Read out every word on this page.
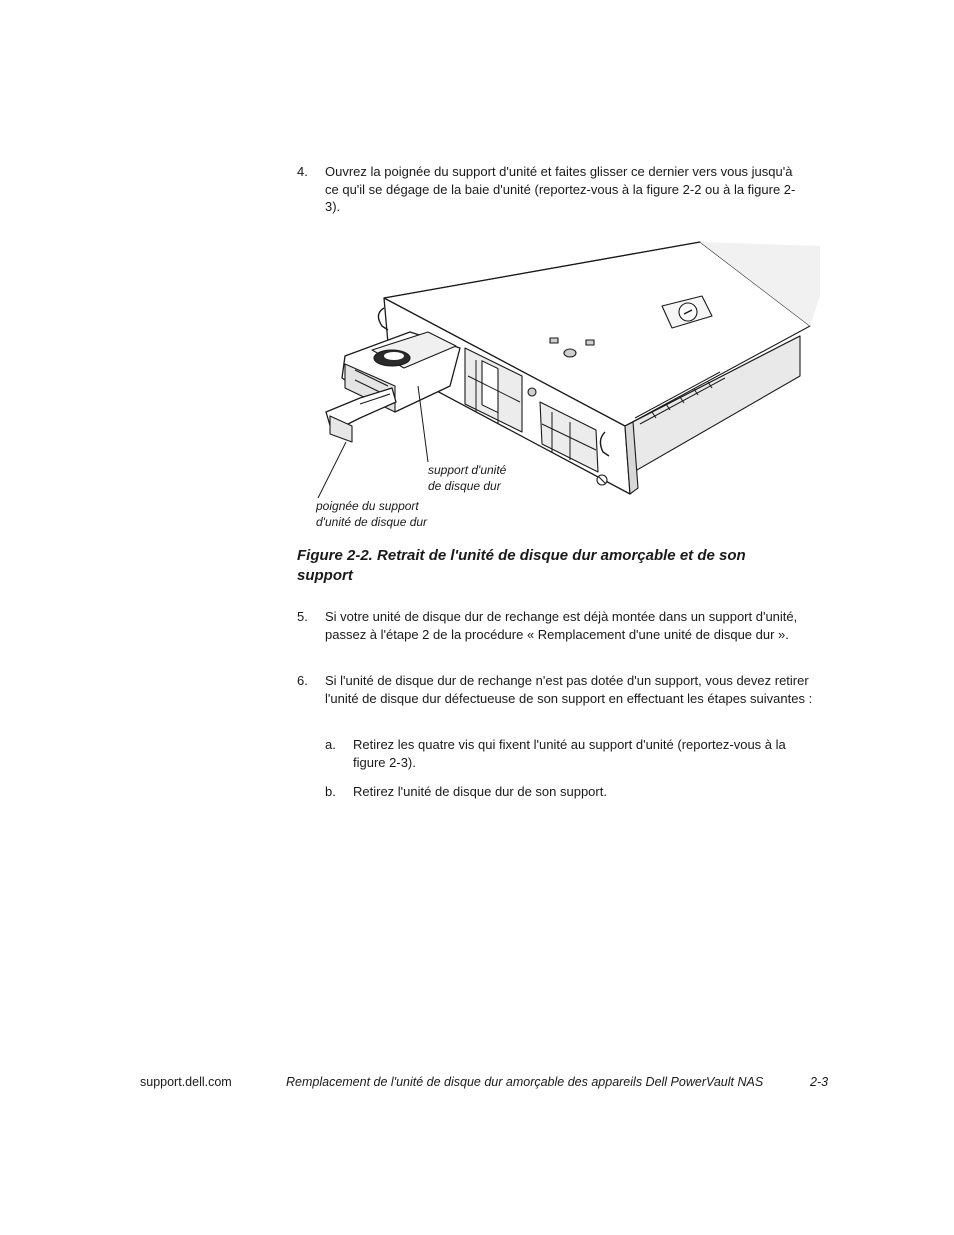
4. Ouvrez la poignée du support d'unité et faites glisser ce dernier vers vous jusqu'à ce qu'il se dégage de la baie d'unité (reportez-vous à la figure 2-2 ou à la figure 2-3).
support d'unité
de disque dur
poignée du support
d'unité de disque dur
Figure 2-2. Retrait de l'unité de disque dur amorçable et de son support
5. Si votre unité de disque dur de rechange est déjà montée dans un support d'unité, passez à l'étape 2 de la procédure « Remplacement d'une unité de disque dur ».
6. Si l'unité de disque dur de rechange n'est pas dotée d'un support, vous devez retirer l'unité de disque dur défectueuse de son support en effectuant les étapes suivantes :
a. Retirez les quatre vis qui fixent l'unité au support d'unité (reportez-vous à la figure 2-3).
b. Retirez l'unité de disque dur de son support.
support.dell.com	Remplacement de l'unité de disque dur amorçable des appareils Dell PowerVault NAS	2-3
